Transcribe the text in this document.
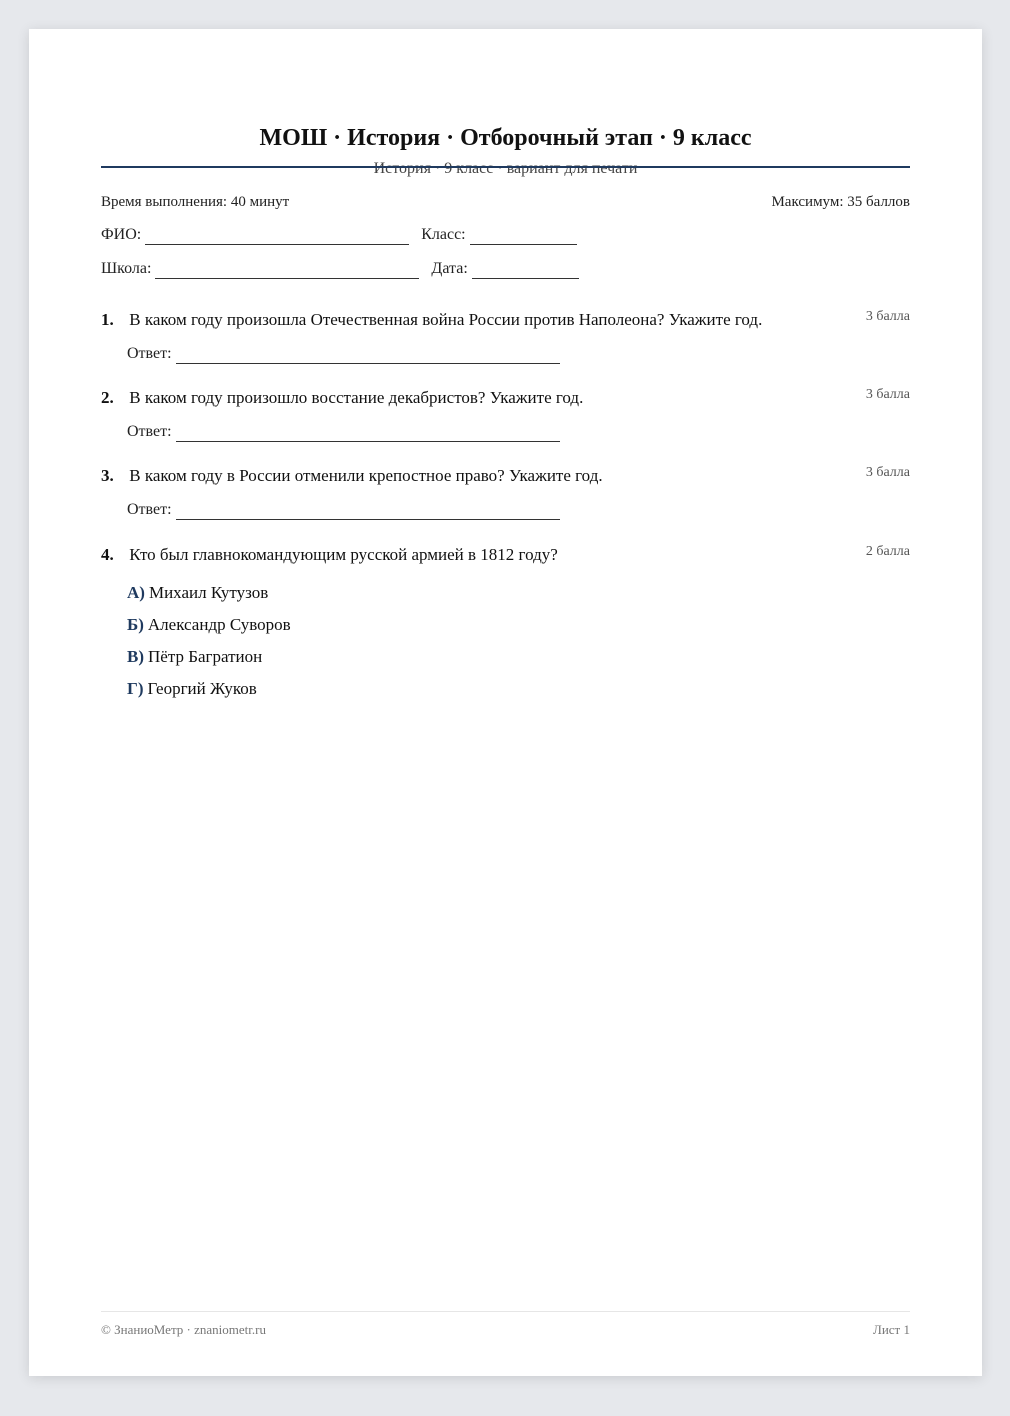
МОШ · История · Отборочный этап · 9 класс
История · 9 класс · вариант для печати
Время выполнения: 40 минут	Максимум: 35 баллов
ФИО:	Класс:
Школа:	Дата:
1. В каком году произошла Отечественная война России против Наполеона? Укажите год.	3 балла
Ответ:
2. В каком году произошло восстание декабристов? Укажите год.	3 балла
Ответ:
3. В каком году в России отменили крепостное право? Укажите год.	3 балла
Ответ:
4. Кто был главнокомандующим русской армией в 1812 году?	2 балла
А) Михаил Кутузов
Б) Александр Суворов
В) Пётр Багратион
Г) Георгий Жуков
© ЗнаниоМетр · znaniometr.ru	Лист 1
